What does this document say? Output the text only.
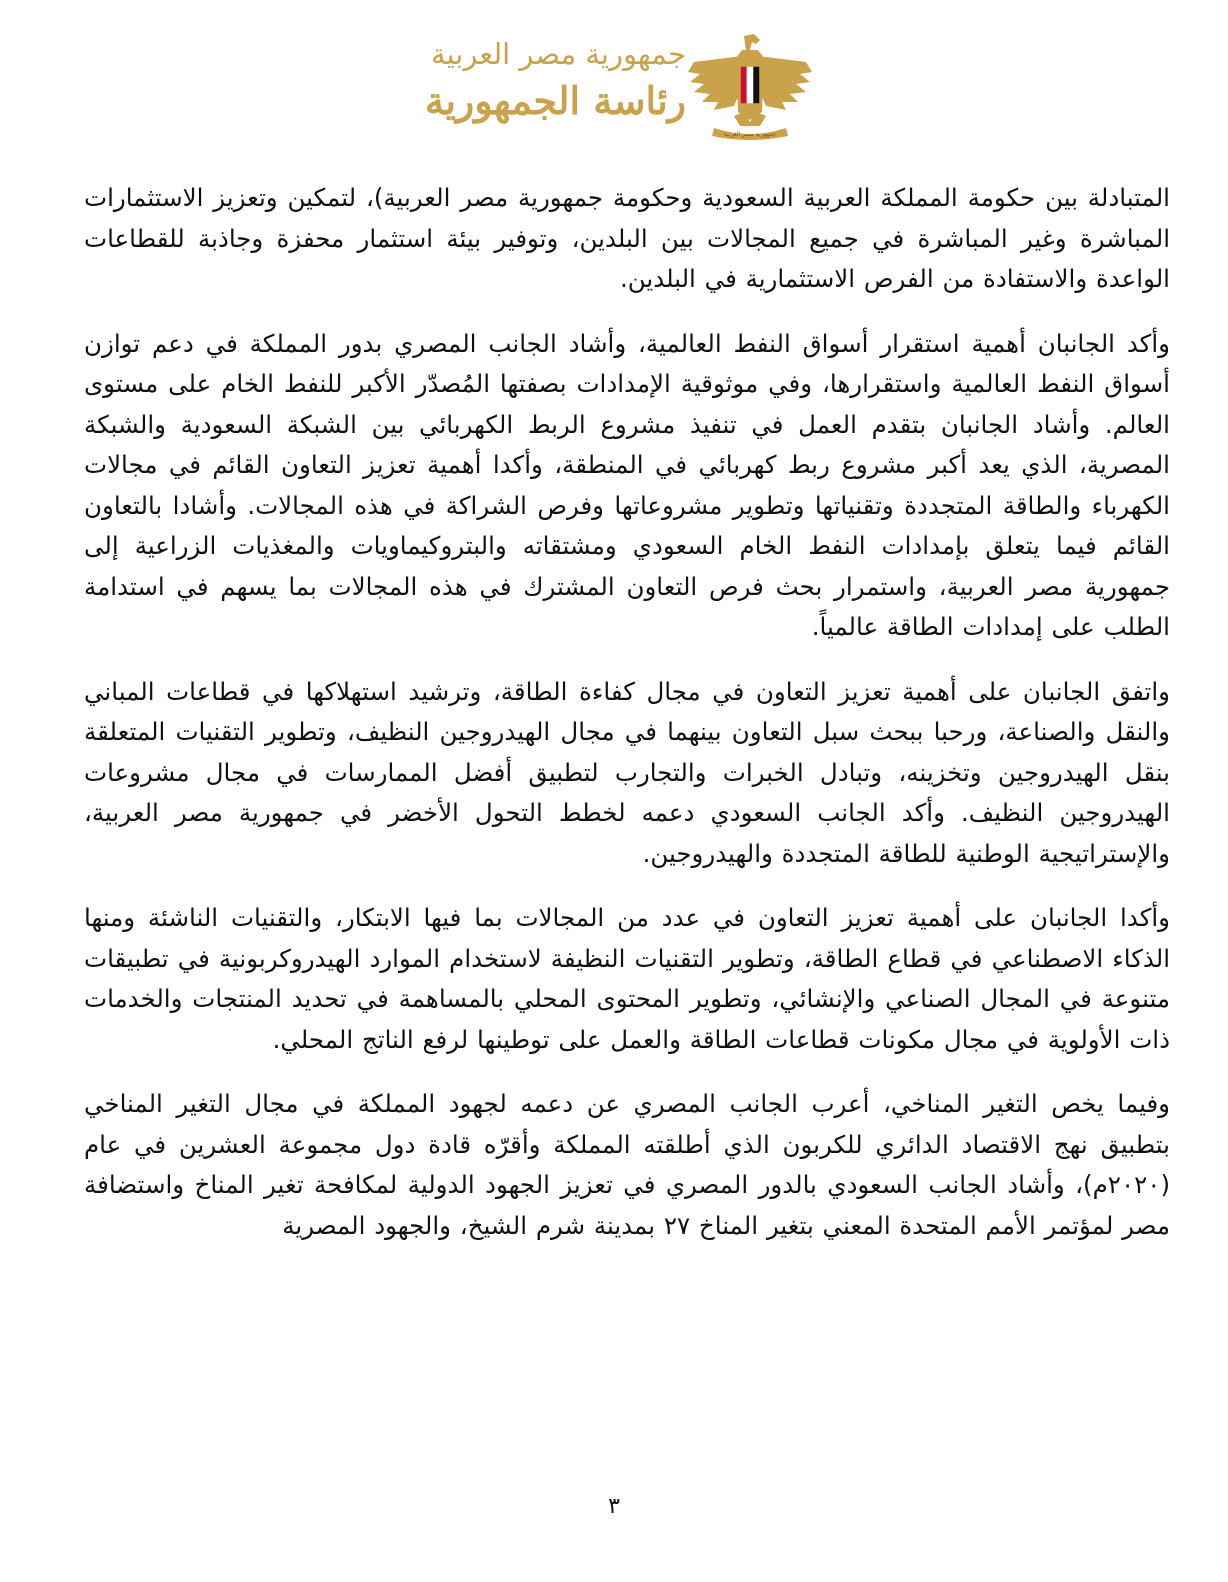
جمهورية مصر العربية
رئاسة الجمهورية
جمهورية مصر العربية

المتبادلة بين حكومة المملكة العربية السعودية وحكومة جمهورية مصر العربية)، لتمكين وتعزيز الاستثمارات المباشرة وغير المباشرة في جميع المجالات بين البلدين، وتوفير بيئة استثمار محفزة وجاذبة للقطاعات الواعدة والاستفادة من الفرص الاستثمارية في البلدين.

وأكد الجانبان أهمية استقرار أسواق النفط العالمية، وأشاد الجانب المصري بدور المملكة في دعم توازن أسواق النفط العالمية واستقرارها، وفي موثوقية الإمدادات بصفتها المُصدّر الأكبر للنفط الخام على مستوى العالم. وأشاد الجانبان بتقدم العمل في تنفيذ مشروع الربط الكهربائي بين الشبكة السعودية والشبكة المصرية، الذي يعد أكبر مشروع ربط كهربائي في المنطقة، وأكدا أهمية تعزيز التعاون القائم في مجالات الكهرباء والطاقة المتجددة وتقنياتها وتطوير مشروعاتها وفرص الشراكة في هذه المجالات. وأشادا بالتعاون القائم فيما يتعلق بإمدادات النفط الخام السعودي ومشتقاته والبتروكيماويات والمغذيات الزراعية إلى جمهورية مصر العربية، واستمرار بحث فرص التعاون المشترك في هذه المجالات بما يسهم في استدامة الطلب على إمدادات الطاقة عالمياً.

واتفق الجانبان على أهمية تعزيز التعاون في مجال كفاءة الطاقة، وترشيد استهلاكها في قطاعات المباني والنقل والصناعة، ورحبا ببحث سبل التعاون بينهما في مجال الهيدروجين النظيف، وتطوير التقنيات المتعلقة بنقل الهيدروجين وتخزينه، وتبادل الخبرات والتجارب لتطبيق أفضل الممارسات في مجال مشروعات الهيدروجين النظيف. وأكد الجانب السعودي دعمه لخطط التحول الأخضر في جمهورية مصر العربية، والإستراتيجية الوطنية للطاقة المتجددة والهيدروجين.

وأكدا الجانبان على أهمية تعزيز التعاون في عدد من المجالات بما فيها الابتكار، والتقنيات الناشئة ومنها الذكاء الاصطناعي في قطاع الطاقة، وتطوير التقنيات النظيفة لاستخدام الموارد الهيدروكربونية في تطبيقات متنوعة في المجال الصناعي والإنشائي، وتطوير المحتوى المحلي بالمساهمة في تحديد المنتجات والخدمات ذات الأولوية في مجال مكونات قطاعات الطاقة والعمل على توطينها لرفع الناتج المحلي.

وفيما يخص التغير المناخي، أعرب الجانب المصري عن دعمه لجهود المملكة في مجال التغير المناخي بتطبيق نهج الاقتصاد الدائري للكربون الذي أطلقته المملكة وأقرّه قادة دول مجموعة العشرين في عام (٢٠٢٠م)، وأشاد الجانب السعودي بالدور المصري في تعزيز الجهود الدولية لمكافحة تغير المناخ واستضافة مصر لمؤتمر الأمم المتحدة المعني بتغير المناخ ٢٧ بمدينة شرم الشيخ، والجهود المصرية

٣
